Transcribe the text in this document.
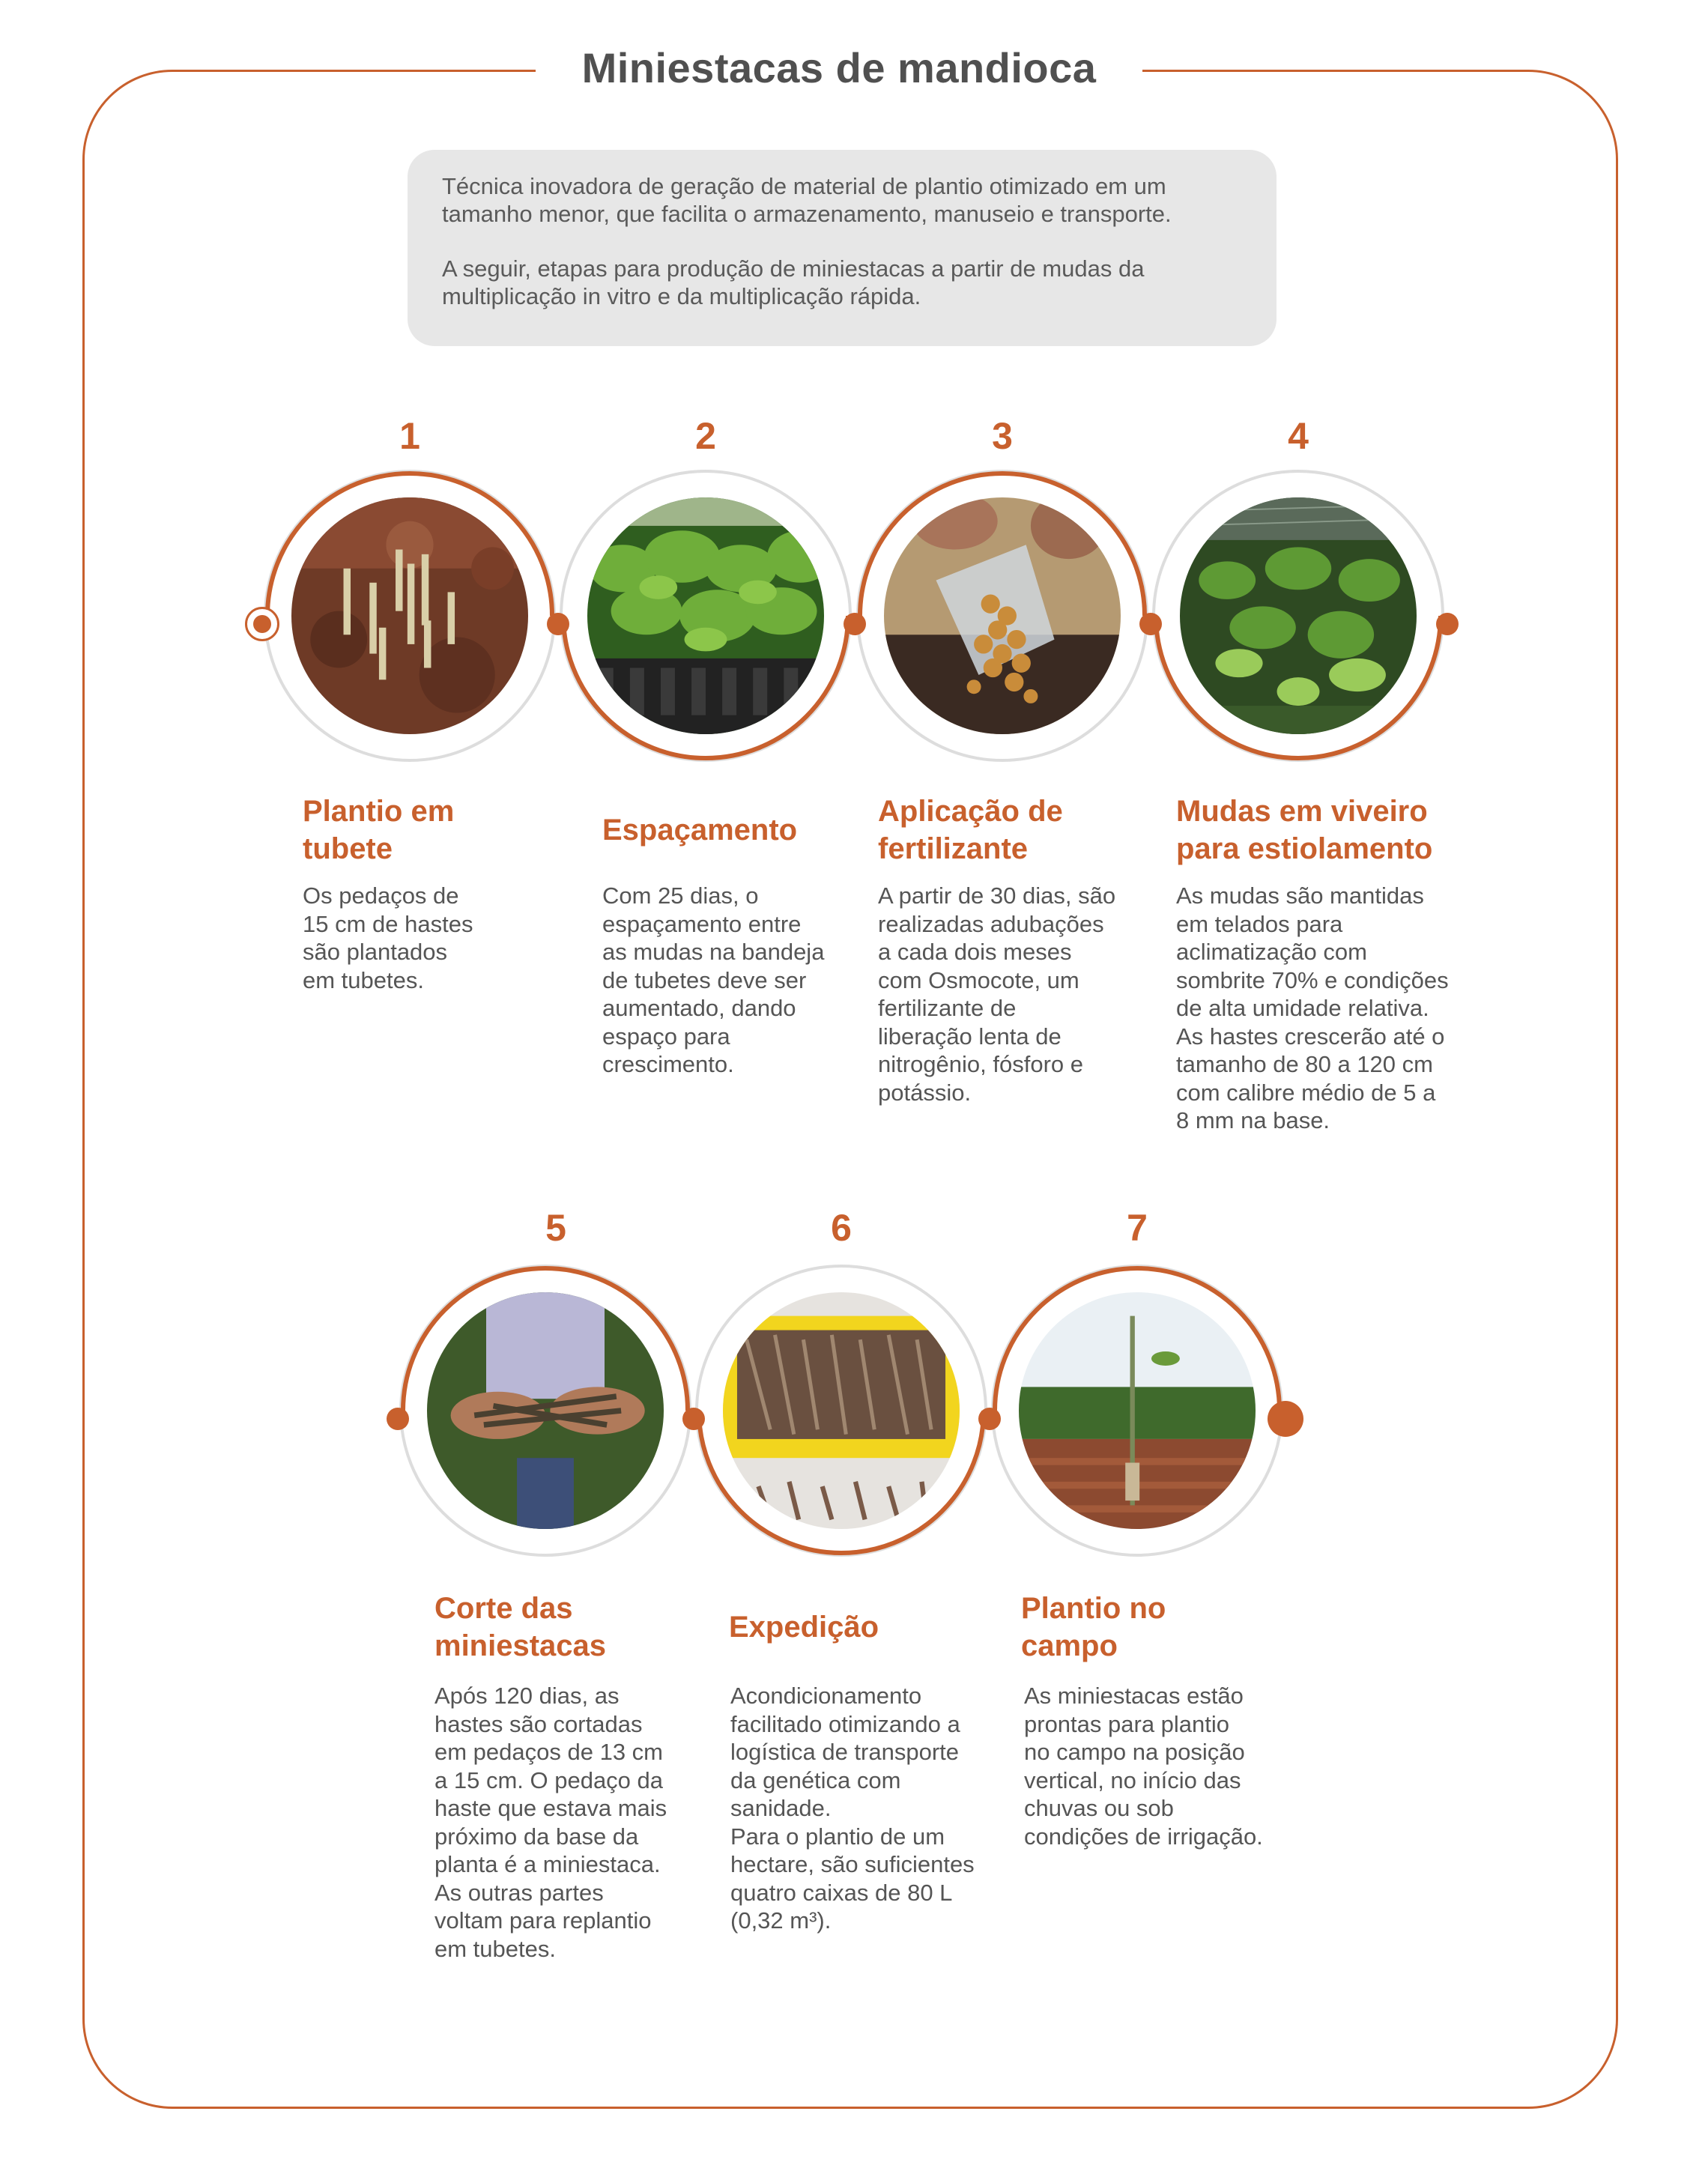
Miniestacas de mandioca

Técnica inovadora de geração de material de plantio otimizado em um tamanho menor, que facilita o armazenamento, manuseio e transporte.

A seguir, etapas para produção de miniestacas a partir de mudas da multiplicação in vitro e da multiplicação rápida.

1	2	3	4
Plantio em tubete
Os pedaços de
15 cm de hastes
são plantados
em tubetes.
Espaçamento
Com 25 dias, o
espaçamento entre
as mudas na bandeja
de tubetes deve ser
aumentado, dando
espaço para
crescimento.
Aplicação de fertilizante
A partir de 30 dias, são
realizadas adubações
a cada dois meses
com Osmocote, um
fertilizante de
liberação lenta de
nitrogênio, fósforo e
potássio.
Mudas em viveiro para estiolamento
As mudas são mantidas
em telados para
aclimatização com
sombrite 70% e condições
de alta umidade relativa.
As hastes crescerão até o
tamanho de 80 a 120 cm
com calibre médio de 5 a
8 mm na base.
5	6	7
Corte das miniestacas
Após 120 dias, as
hastes são cortadas
em pedaços de 13 cm
a 15 cm. O pedaço da
haste que estava mais
próximo da base da
planta é a miniestaca.
As outras partes
voltam para replantio
em tubetes.
Expedição
Acondicionamento
facilitado otimizando a
logística de transporte
da genética com
sanidade.
Para o plantio de um
hectare, são suficientes
quatro caixas de 80 L
(0,32 m³).
Plantio no campo
As miniestacas estão
prontas para plantio
no campo na posição
vertical, no início das
chuvas ou sob
condições de irrigação.
